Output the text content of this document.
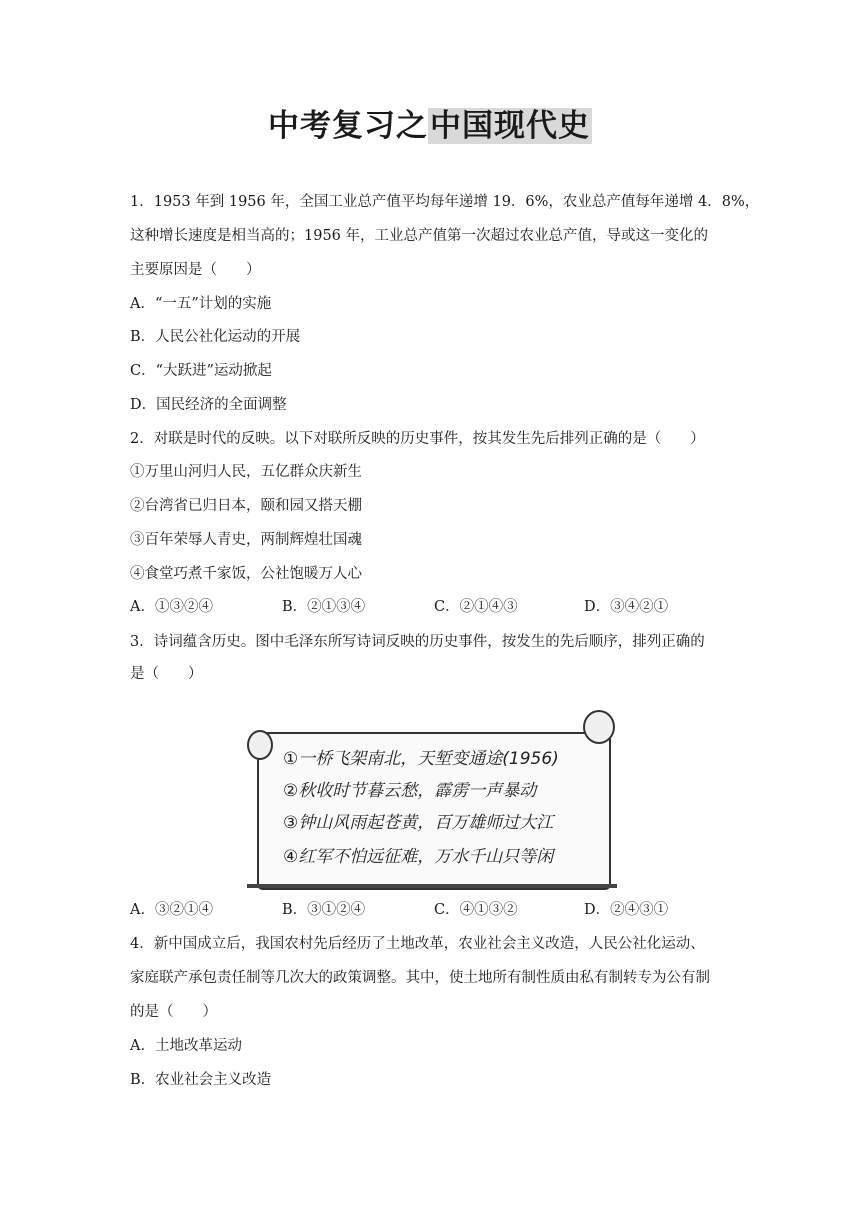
中考复习之中国现代史
1．1953 年到 1956 年，全国工业总产值平均每年递增 19．6%，农业总产值每年递增 4．8%，
这种增长速度是相当高的；1956 年，工业总产值第一次超过农业总产值，导或这一变化的
主要原因是（　　）
A．“一五”计划的实施
B．人民公社化运动的开展
C．“大跃进”运动掀起
D．国民经济的全面调整
2．对联是时代的反映。以下对联所反映的历史事件，按其发生先后排列正确的是（　　）
①万里山河归人民，五亿群众庆新生
②台湾省已归日本，颐和园又搭天棚
③百年荣辱人青史，两制辉煌壮国魂
④食堂巧煮千家饭，公社饱暖万人心
A．①③②④	B．②①③④	C．②①④③	D．③④②①
3．诗词蕴含历史。图中毛泽东所写诗词反映的历史事件，按发生的先后顺序，排列正确的
是（　　）
①一桥飞架南北，天堑变通途(1956)
②秋收时节暮云愁，霹雳一声暴动
③钟山风雨起苍黄，百万雄师过大江
④红军不怕远征难，万水千山只等闲
A．③②①④	B．③①②④	C．④①③②	D．②④③①
4．新中国成立后，我国农村先后经历了土地改革，农业社会主义改造，人民公社化运动、
家庭联产承包责任制等几次大的政策调整。其中，使土地所有制性质由私有制转专为公有制
的是（　　）
A．土地改革运动
B．农业社会主义改造
